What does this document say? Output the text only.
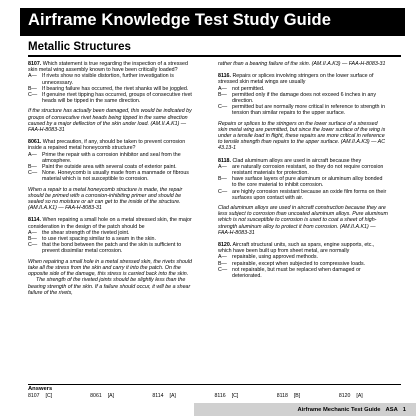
Airframe Knowledge Test Study Guide
Metallic Structures

8107. Which statement is true regarding the inspection of a stressed skin metal wing assembly known to have been critically loaded?

A— If rivets show no visible distortion, further investigation is unnecessary.
B— If bearing failure has occurred, the rivet shanks will be joggled.
C— If genuine rivet tipping has occurred, groups of consecutive rivet heads will be tipped in the same direction.

If the structure has actually been damaged, this would be indicated by groups of consecutive rivet heads being tipped in the same direction caused by a major deflection of the skin under load. (AM.II.A.K1) — FAA-H-8083-31

8061. What precaution, if any, should be taken to prevent corrosion inside a repaired metal honeycomb structure?

A— Prime the repair with a corrosion inhibitor and seal from the atmosphere.
B— Paint the outside area with several coats of exterior paint.
C— None. Honeycomb is usually made from a manmade or fibrous material which is not susceptible to corrosion.

When a repair to a metal honeycomb structure is made, the repair should be primed with a corrosion-inhibiting primer and should be sealed so no moisture or air can get to the inside of the structure. (AM.II.A.K1) — FAA-H-8083-31

8114. When repairing a small hole on a metal stressed skin, the major consideration in the design of the patch should be

A— the shear strength of the riveted joint.
B— to use rivet spacing similar to a seam in the skin.
C— that the bond between the patch and the skin is sufficient to prevent dissimilar metal corrosion.

When repairing a small hole in a metal stressed skin, the rivets should take all the stress from the skin and carry it into the patch. On the opposite side of the damage, this stress is carried back into the skin.

The strength of the riveted joints should be slightly less than the bearing strength of the skin. If a failure should occur, it will be a shear failure of the rivets,

rather than a bearing failure of the skin. (AM.II.A.K3) — FAA-H-8083-31

8116. Repairs or splices involving stringers on the lower surface of stressed skin metal wings are usually

A— not permitted.
B— permitted only if the damage does not exceed 6 inches in any direction.
C— permitted but are normally more critical in reference to strength in tension than similar repairs to the upper surface.

Repairs or splices to the stringers on the lower surface of a stressed skin metal wing are permitted, but since the lower surface of the wing is under a tensile load in flight, these repairs are more critical in reference to tensile strength than repairs to the upper surface. (AM.II.A.K3) — AC 43.13-1

8118. Clad aluminum alloys are used in aircraft because they

A— are naturally corrosion resistant, so they do not require corrosion resistant materials for protection.
B— have surface layers of pure aluminum or aluminum alloy bonded to the core material to inhibit corrosion.
C— are highly corrosion resistant because an oxide film forms on their surfaces upon contact with air.

Clad aluminum alloys are used in aircraft construction because they are less subject to corrosion than uncoated aluminum alloys. Pure aluminum which is not susceptible to corrosion is used to coat a sheet of high-strength aluminum alloy to protect it from corrosion. (AM.II.A.K1) — FAA-H-8083-31

8120. Aircraft structural units, such as spars, engine supports, etc., which have been built up from sheet metal, are normally

A— repairable, using approved methods.
B— repairable, except when subjected to compressive loads.
C— not repairable, but must be replaced when damaged or deteriorated.
Answers
8107 [C]	8061 [A]	8114 [A]	8116 [C]	8118 [B]	8120 [A]
Airframe Mechanic Test Guide ASA 1
